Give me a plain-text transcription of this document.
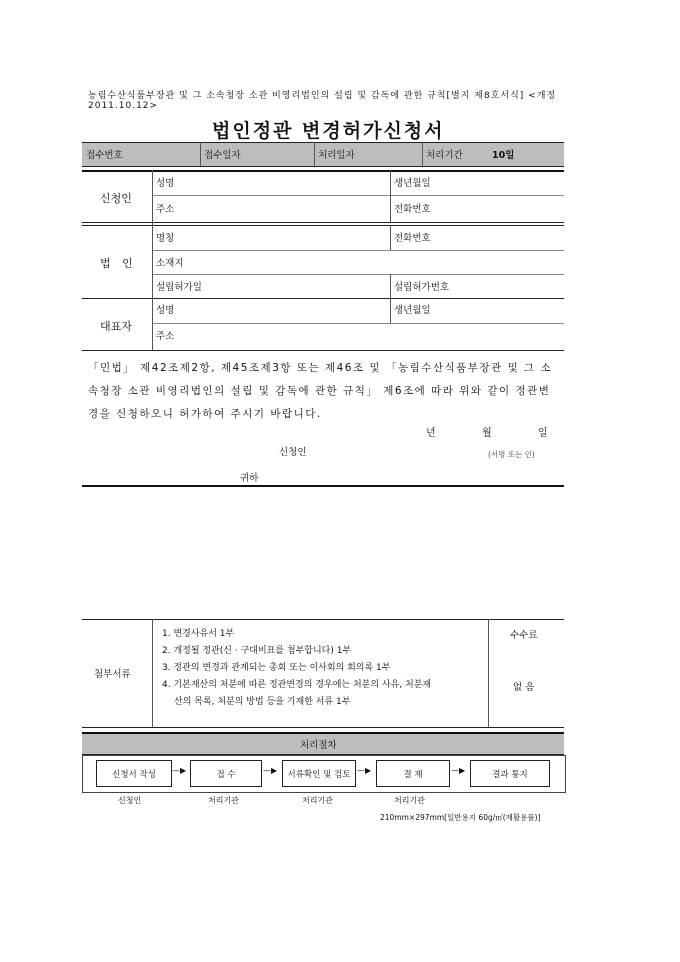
농림수산식품부장관 및 그 소속청장 소관 비영리법인의 설립 및 감독에 관한 규칙[별지 제8호서식] <개정
2011.10.12>
법인정관 변경허가신청서
접수번호	접수일자	처리일자	처리기간	10일
신청인
성명	생년월일
주소	전화번호
법 인
명칭	전화번호
소재지
설립허가일	설립허가번호
대표자
성명	생년월일
주소
「민법」 제42조제2항, 제45조제3항 또는 제46조 및 「농림수산식품부장관 및 그 소
속청장 소관 비영리법인의 설립 및 감독에 관한 규칙」 제6조에 따라 위와 같이 정관변
경을 신청하오니 허가하여 주시기 바랍니다.
년	월	일
신청인	(서명 또는 인)
귀하
첨부서류
1. 변경사유서 1부
2. 개정될 정관(신 · 구대비표를 첨부합니다) 1부
3. 정관의 변경과 관계되는 총회 또는 이사회의 회의록 1부
4. 기본재산의 처분에 따른 정관변경의 경우에는 처분의 사유, 처분재
산의 목록, 처분의 방법 등을 기재한 서류 1부
수수료
없 음
처리절차
신청서 작성	접 수	서류확인 및 검토	결 재	결과 통지
—▶	—▶	—▶	—▶
신청인	처리기관	처리기관	처리기관
210mm×297mm[일반용지 60g/㎡(재활용품)]
